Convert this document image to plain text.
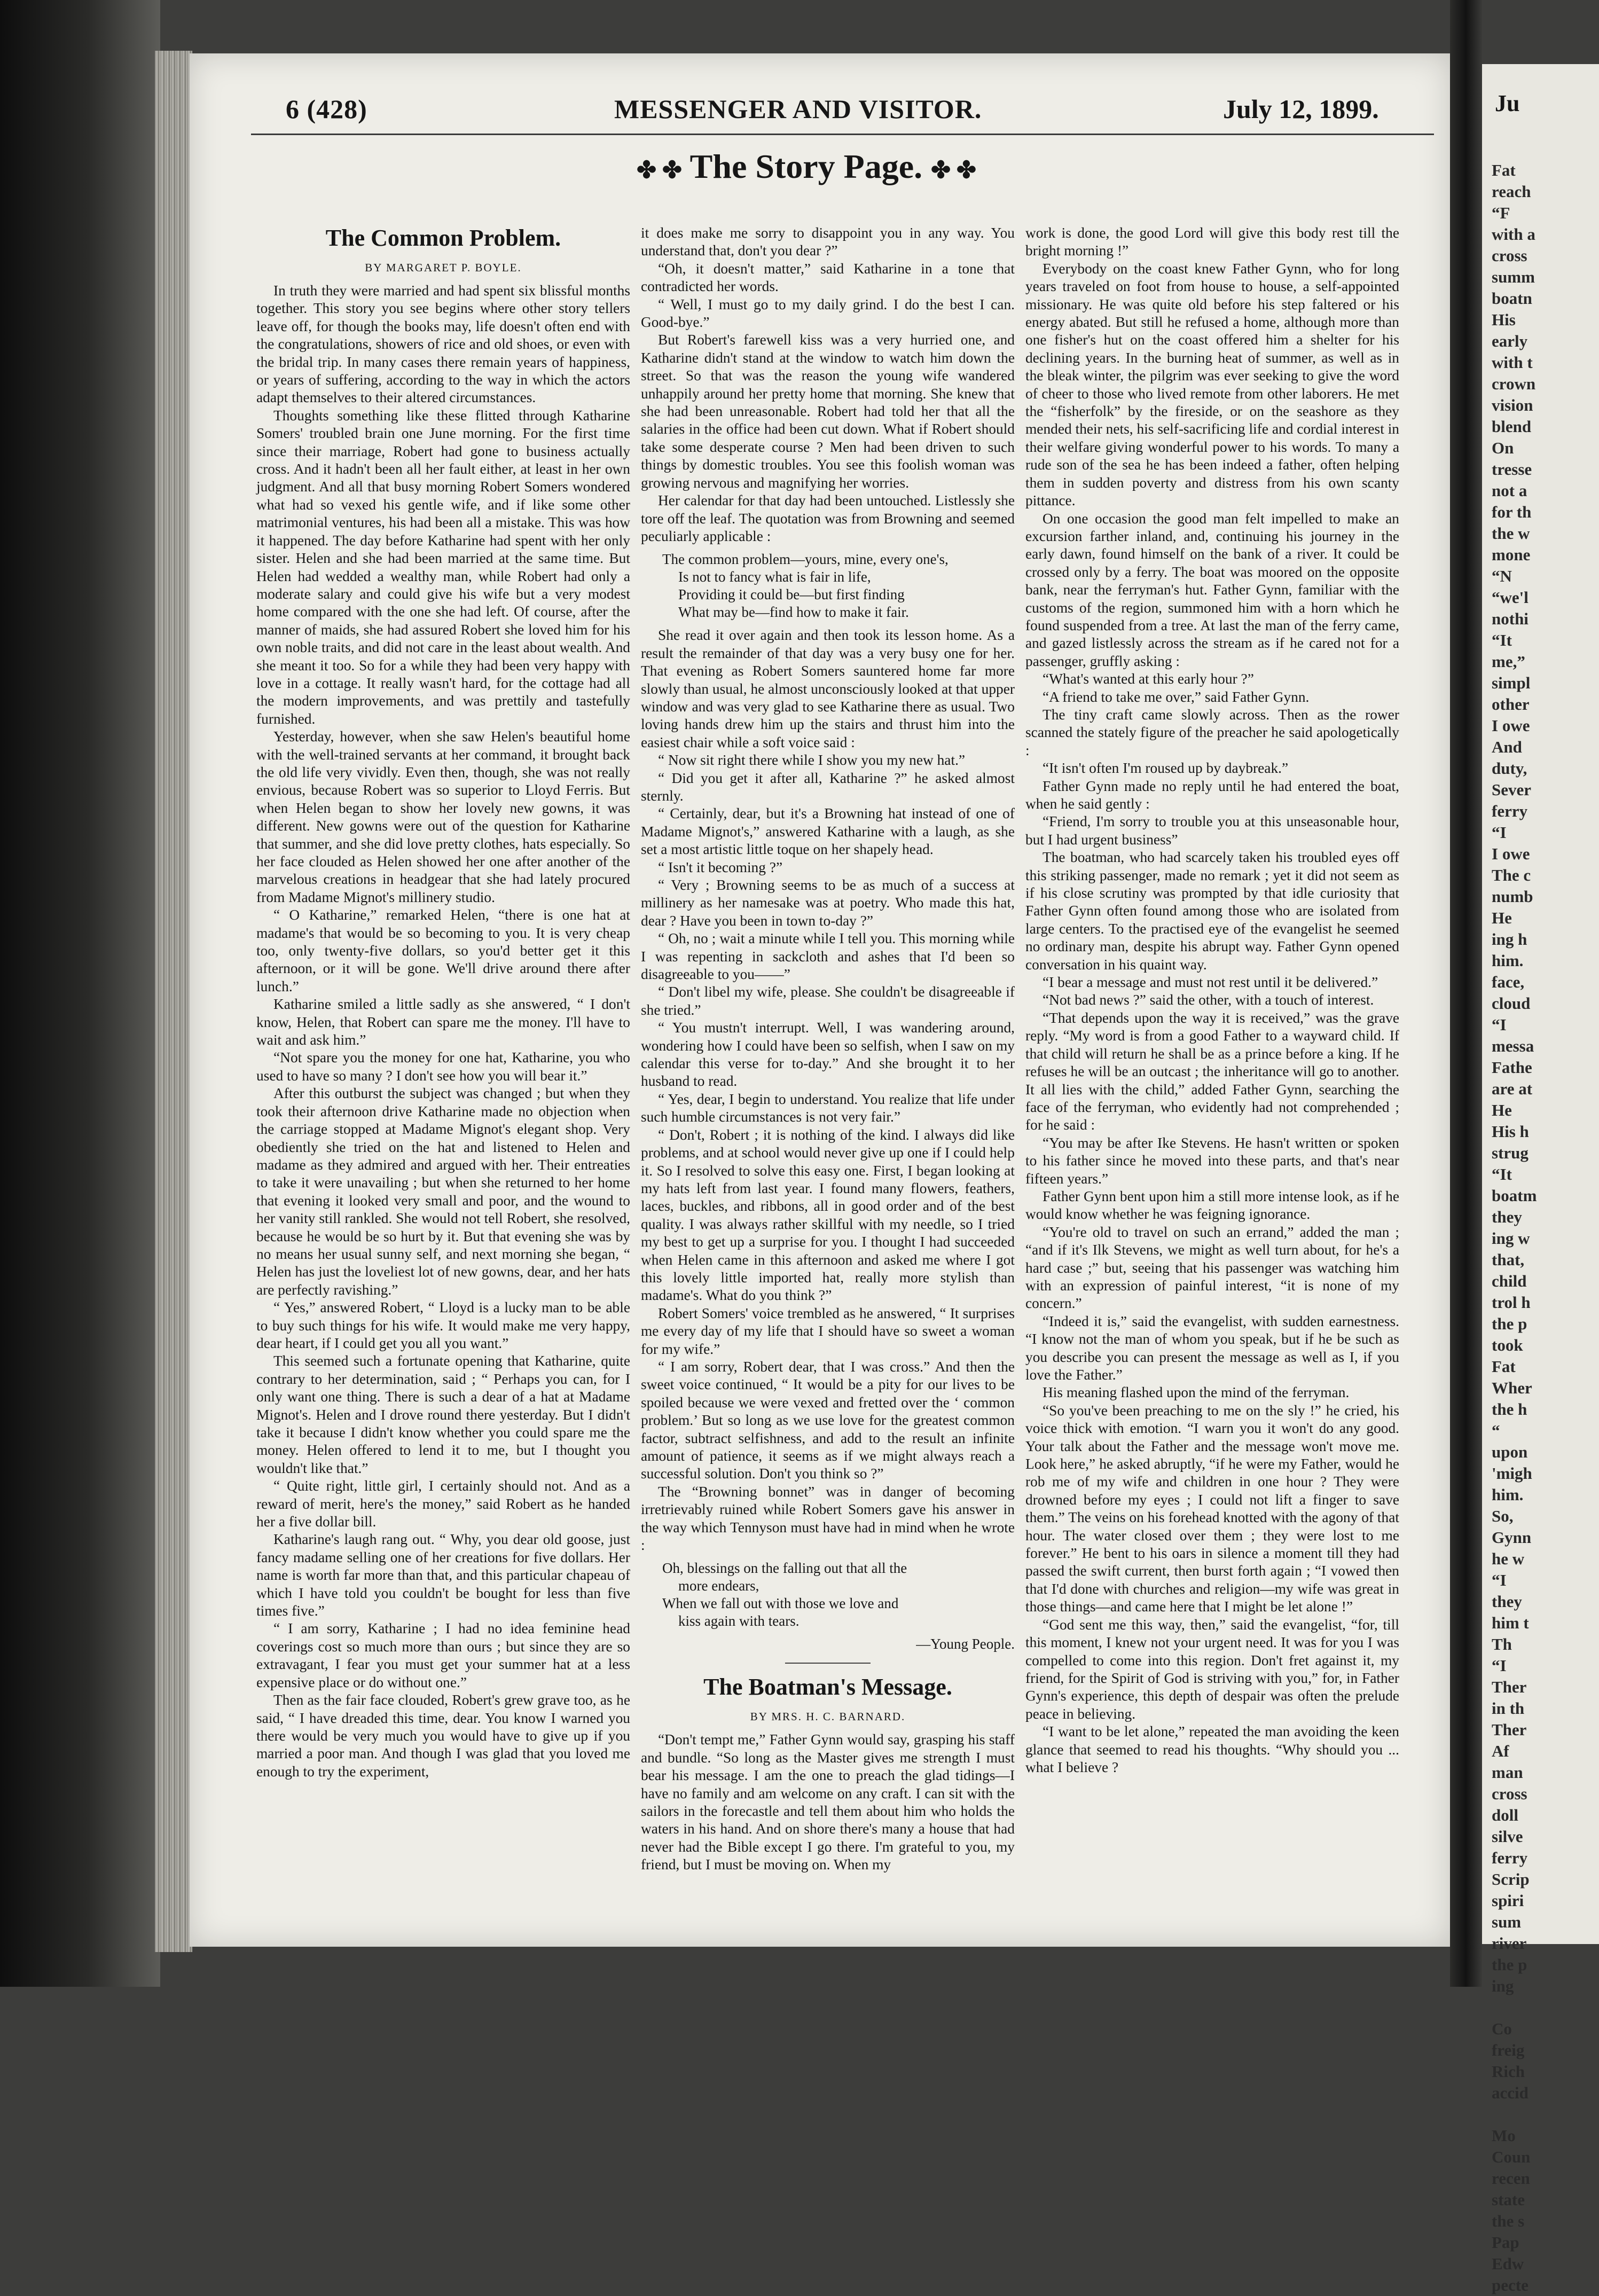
6 (428)	MESSENGER AND VISITOR.	July 12, 1899.
✤ ✤ The Story Page. ✤ ✤
The Common Problem.
BY MARGARET P. BOYLE.

In truth they were married and had spent six blissful months together. This story you see begins where other story tellers leave off, for though the books may, life doesn't often end with the congratulations, showers of rice and old shoes, or even with the bridal trip. In many cases there remain years of happiness, or years of suffering, according to the way in which the actors adapt themselves to their altered circumstances.

Thoughts something like these flitted through Katharine Somers' troubled brain one June morning. For the first time since their marriage, Robert had gone to business actually cross. And it hadn't been all her fault either, at least in her own judgment. And all that busy morning Robert Somers wondered what had so vexed his gentle wife, and if like some other matrimonial ventures, his had been all a mistake. This was how it happened. The day before Katharine had spent with her only sister. Helen and she had been married at the same time. But Helen had wedded a wealthy man, while Robert had only a moderate salary and could give his wife but a very modest home compared with the one she had left. Of course, after the manner of maids, she had assured Robert she loved him for his own noble traits, and did not care in the least about wealth. And she meant it too. So for a while they had been very happy with love in a cottage. It really wasn't hard, for the cottage had all the modern improvements, and was prettily and tastefully furnished.

Yesterday, however, when she saw Helen's beautiful home with the well-trained servants at her command, it brought back the old life very vividly. Even then, though, she was not really envious, because Robert was so superior to Lloyd Ferris. But when Helen began to show her lovely new gowns, it was different. New gowns were out of the question for Katharine that summer, and she did love pretty clothes, hats especially. So her face clouded as Helen showed her one after another of the marvelous creations in headgear that she had lately procured from Madame Mignot's millinery studio.

“ O Katharine,” remarked Helen, “there is one hat at madame's that would be so becoming to you. It is very cheap too, only twenty-five dollars, so you'd better get it this afternoon, or it will be gone. We'll drive around there after lunch.”

Katharine smiled a little sadly as she answered, “ I don't know, Helen, that Robert can spare me the money. I'll have to wait and ask him.”

“Not spare you the money for one hat, Katharine, you who used to have so many ? I don't see how you will bear it.”

After this outburst the subject was changed ; but when they took their afternoon drive Katharine made no objection when the carriage stopped at Madame Mignot's elegant shop. Very obediently she tried on the hat and listened to Helen and madame as they admired and argued with her. Their entreaties to take it were unavailing ; but when she returned to her home that evening it looked very small and poor, and the wound to her vanity still rankled. She would not tell Robert, she resolved, because he would be so hurt by it. But that evening she was by no means her usual sunny self, and next morning she began, “ Helen has just the loveliest lot of new gowns, dear, and her hats are perfectly ravishing.”

“ Yes,” answered Robert, “ Lloyd is a lucky man to be able to buy such things for his wife. It would make me very happy, dear heart, if I could get you all you want.”

This seemed such a fortunate opening that Katharine, quite contrary to her determination, said ; “ Perhaps you can, for I only want one thing. There is such a dear of a hat at Madame Mignot's. Helen and I drove round there yesterday. But I didn't take it because I didn't know whether you could spare me the money. Helen offered to lend it to me, but I thought you wouldn't like that.”

“ Quite right, little girl, I certainly should not. And as a reward of merit, here's the money,” said Robert as he handed her a five dollar bill.

Katharine's laugh rang out. “ Why, you dear old goose, just fancy madame selling one of her creations for five dollars. Her name is worth far more than that, and this particular chapeau of which I have told you couldn't be bought for less than five times five.”

“ I am sorry, Katharine ; I had no idea feminine head coverings cost so much more than ours ; but since they are so extravagant, I fear you must get your summer hat at a less expensive place or do without one.”

Then as the fair face clouded, Robert's grew grave too, as he said, “ I have dreaded this time, dear. You know I warned you there would be very much you would have to give up if you married a poor man. And though I was glad that you loved me enough to try the experiment,

it does make me sorry to disappoint you in any way. You understand that, don't you dear ?”

“Oh, it doesn't matter,” said Katharine in a tone that contradicted her words.

“ Well, I must go to my daily grind. I do the best I can. Good-bye.”

But Robert's farewell kiss was a very hurried one, and Katharine didn't stand at the window to watch him down the street. So that was the reason the young wife wandered unhappily around her pretty home that morning. She knew that she had been unreasonable. Robert had told her that all the salaries in the office had been cut down. What if Robert should take some desperate course ? Men had been driven to such things by domestic troubles. You see this foolish woman was growing nervous and magnifying her worries.

Her calendar for that day had been untouched. Listlessly she tore off the leaf. The quotation was from Browning and seemed peculiarly applicable :

The common problem—yours, mine, every one's,
Is not to fancy what is fair in life,
Providing it could be—but first finding
What may be—find how to make it fair.

She read it over again and then took its lesson home. As a result the remainder of that day was a very busy one for her. That evening as Robert Somers sauntered home far more slowly than usual, he almost unconsciously looked at that upper window and was very glad to see Katharine there as usual. Two loving hands drew him up the stairs and thrust him into the easiest chair while a soft voice said :

“ Now sit right there while I show you my new hat.”

“ Did you get it after all, Katharine ?” he asked almost sternly.

“ Certainly, dear, but it's a Browning hat instead of one of Madame Mignot's,” answered Katharine with a laugh, as she set a most artistic little toque on her shapely head.

“ Isn't it becoming ?”

“ Very ; Browning seems to be as much of a success at millinery as her namesake was at poetry. Who made this hat, dear ? Have you been in town to-day ?”

“ Oh, no ; wait a minute while I tell you. This morning while I was repenting in sackcloth and ashes that I'd been so disagreeable to you——”

“ Don't libel my wife, please. She couldn't be disagreeable if she tried.”

“ You mustn't interrupt. Well, I was wandering around, wondering how I could have been so selfish, when I saw on my calendar this verse for to-day.” And she brought it to her husband to read.

“ Yes, dear, I begin to understand. You realize that life under such humble circumstances is not very fair.”

“ Don't, Robert ; it is nothing of the kind. I always did like problems, and at school would never give up one if I could help it. So I resolved to solve this easy one. First, I began looking at my hats left from last year. I found many flowers, feathers, laces, buckles, and ribbons, all in good order and of the best quality. I was always rather skillful with my needle, so I tried my best to get up a surprise for you. I thought I had succeeded when Helen came in this afternoon and asked me where I got this lovely little imported hat, really more stylish than madame's. What do you think ?”

Robert Somers' voice trembled as he answered, “ It surprises me every day of my life that I should have so sweet a woman for my wife.”

“ I am sorry, Robert dear, that I was cross.” And then the sweet voice continued, “ It would be a pity for our lives to be spoiled because we were vexed and fretted over the ‘ common problem.’ But so long as we use love for the greatest common factor, subtract selfishness, and add to the result an infinite amount of patience, it seems as if we might always reach a successful solution. Don't you think so ?”

The “Browning bonnet” was in danger of becoming irretrievably ruined while Robert Somers gave his answer in the way which Tennyson must have had in mind when he wrote :

Oh, blessings on the falling out that all the
more endears,
When we fall out with those we love and
kiss again with tears.
—Young People.
The Boatman's Message.
BY MRS. H. C. BARNARD.

“Don't tempt me,” Father Gynn would say, grasping his staff and bundle. “So long as the Master gives me strength I must bear his message. I am the one to preach the glad tidings—I have no family and am welcome on any craft. I can sit with the sailors in the forecastle and tell them about him who holds the waters in his hand. And on shore there's many a house that had never had the Bible except I go there. I'm grateful to you, my friend, but I must be moving on. When my

work is done, the good Lord will give this body rest till the bright morning !”

Everybody on the coast knew Father Gynn, who for long years traveled on foot from house to house, a self-appointed missionary. He was quite old before his step faltered or his energy abated. But still he refused a home, although more than one fisher's hut on the coast offered him a shelter for his declining years. In the burning heat of summer, as well as in the bleak winter, the pilgrim was ever seeking to give the word of cheer to those who lived remote from other laborers. He met the “fisherfolk” by the fireside, or on the seashore as they mended their nets, his self-sacrificing life and cordial interest in their welfare giving wonderful power to his words. To many a rude son of the sea he has been indeed a father, often helping them in sudden poverty and distress from his own scanty pittance.

On one occasion the good man felt impelled to make an excursion farther inland, and, continuing his journey in the early dawn, found himself on the bank of a river. It could be crossed only by a ferry. The boat was moored on the opposite bank, near the ferryman's hut. Father Gynn, familiar with the customs of the region, summoned him with a horn which he found suspended from a tree. At last the man of the ferry came, and gazed listlessly across the stream as if he cared not for a passenger, gruffly asking :

“What's wanted at this early hour ?”

“A friend to take me over,” said Father Gynn.

The tiny craft came slowly across. Then as the rower scanned the stately figure of the preacher he said apologetically :

“It isn't often I'm roused up by daybreak.”

Father Gynn made no reply until he had entered the boat, when he said gently :

“Friend, I'm sorry to trouble you at this unseasonable hour, but I had urgent business”

The boatman, who had scarcely taken his troubled eyes off this striking passenger, made no remark ; yet it did not seem as if his close scrutiny was prompted by that idle curiosity that Father Gynn often found among those who are isolated from large centers. To the practised eye of the evangelist he seemed no ordinary man, despite his abrupt way. Father Gynn opened conversation in his quaint way.

“I bear a message and must not rest until it be delivered.”

“Not bad news ?” said the other, with a touch of interest.

“That depends upon the way it is received,” was the grave reply. “My word is from a good Father to a wayward child. If that child will return he shall be as a prince before a king. If he refuses he will be an outcast ; the inheritance will go to another. It all lies with the child,” added Father Gynn, searching the face of the ferryman, who evidently had not comprehended ; for he said :

“You may be after Ike Stevens. He hasn't written or spoken to his father since he moved into these parts, and that's near fifteen years.”

Father Gynn bent upon him a still more intense look, as if he would know whether he was feigning ignorance.

“You're old to travel on such an errand,” added the man ; “and if it's Ilk Stevens, we might as well turn about, for he's a hard case ;” but, seeing that his passenger was watching him with an expression of painful interest, “it is none of my concern.”

“Indeed it is,” said the evangelist, with sudden earnestness. “I know not the man of whom you speak, but if he be such as you describe you can present the message as well as I, if you love the Father.”

His meaning flashed upon the mind of the ferryman.

“So you've been preaching to me on the sly !” he cried, his voice thick with emotion. “I warn you it won't do any good. Your talk about the Father and the message won't move me. Look here,” he asked abruptly, “if he were my Father, would he rob me of my wife and children in one hour ? They were drowned before my eyes ; I could not lift a finger to save them.” The veins on his forehead knotted with the agony of that hour. The water closed over them ; they were lost to me forever.” He bent to his oars in silence a moment till they had passed the swift current, then burst forth again ; “I vowed then that I'd done with churches and religion—my wife was great in those things—and came here that I might be let alone !”

“God sent me this way, then,” said the evangelist, “for, till this moment, I knew not your urgent need. It was for you I was compelled to come into this region. Don't fret against it, my friend, for the Spirit of God is striving with you,” for, in Father Gynn's experience, this depth of despair was often the prelude peace in believing.

“I want to be let alone,” repeated the man avoiding the keen glance that seemed to read his thoughts. “Why should you ... what I believe ?

Ju
Fat
reach
“F
with a
cross
summ
boatn
His
early
with t
crown
vision
blend
On
tresse
not a
for th
the w
mone
“N
“we'l
nothi
“It
me,”
simpl
other
I owe
And
duty,
Sever
ferry
“I
I owe
The c
numb
He
ing h
him.
face,
cloud
“I
messa
Fathe
are at
He
His h
strug
“It
boatm
they
ing w
that,
child
trol h
the p
took
Fat
Wher
the h
“
upon
'migh
him.
So,
Gynn
he w
“I
they
him t
Th
“I
Ther
in th
Ther
Af
man
cross
doll
silve
ferry
Scrip
spiri
sum
river
the p
ing
Co
freig
Rich
accid
Mo
Coun
recen
state
the s
Pap
Edw
pecte
